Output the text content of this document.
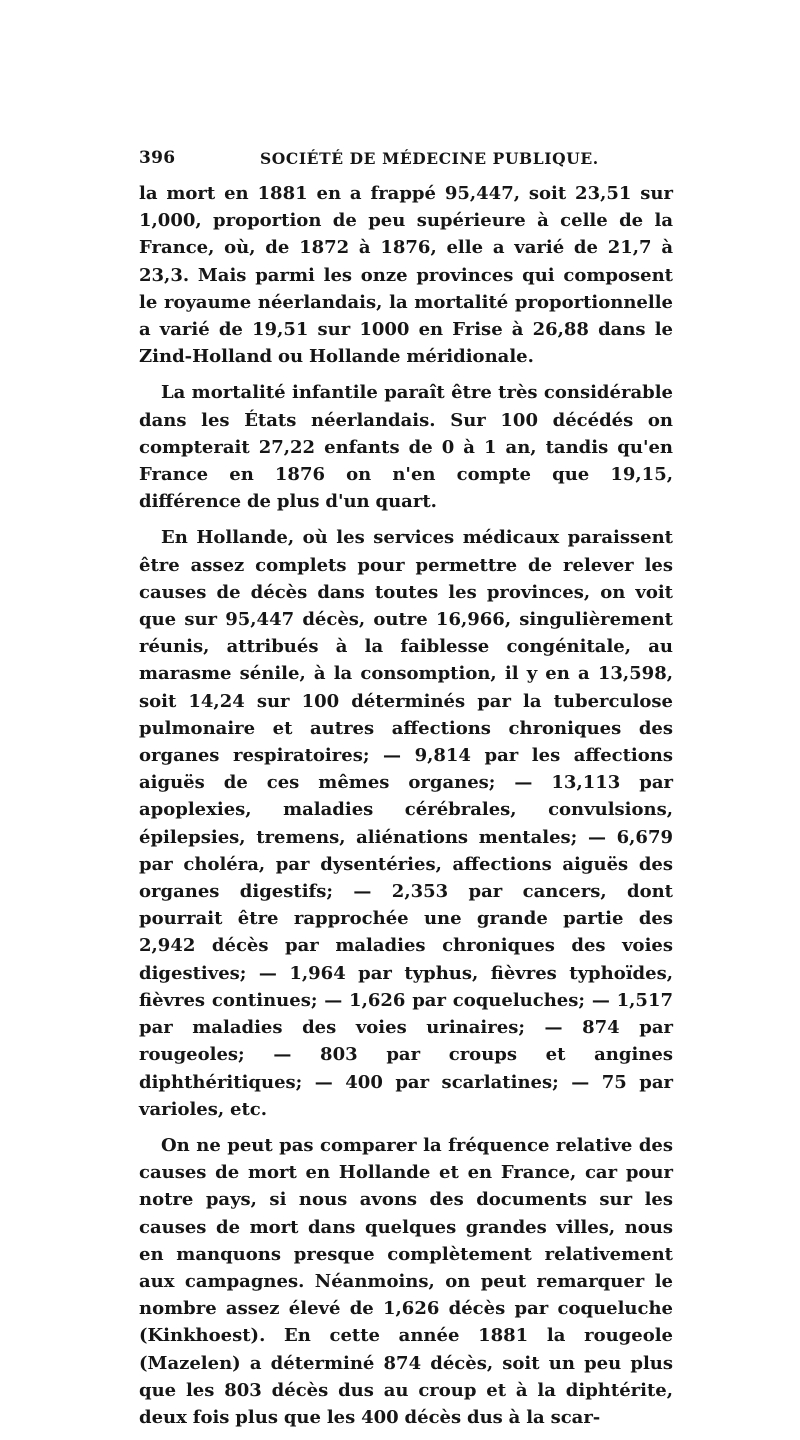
396	SOCIÉTÉ DE MÉDECINE PUBLIQUE.

la mort en 1881 en a frappé 95,447, soit 23,51 sur 1,000, proportion de peu supérieure à celle de la France, où, de 1872 à 1876, elle a varié de 21,7 à 23,3. Mais parmi les onze provinces qui composent le royaume néerlandais, la mortalité proportionnelle a varié de 19,51 sur 1000 en Frise à 26,88 dans le Zind-Holland ou Hollande méridionale.

La mortalité infantile paraît être très considérable dans les États néerlandais. Sur 100 décédés on compterait 27,22 enfants de 0 à 1 an, tandis qu'en France en 1876 on n'en compte que 19,15, différence de plus d'un quart.

En Hollande, où les services médicaux paraissent être assez complets pour permettre de relever les causes de décès dans toutes les provinces, on voit que sur 95,447 décès, outre 16,966, singulièrement réunis, attribués à la faiblesse congénitale, au marasme sénile, à la consomption, il y en a 13,598, soit 14,24 sur 100 déterminés par la tuberculose pulmonaire et autres affections chroniques des organes respiratoires; — 9,814 par les affections aiguës de ces mêmes organes; — 13,113 par apoplexies, maladies cérébrales, convulsions, épilepsies, tremens, aliénations mentales; — 6,679 par choléra, par dysentéries, affections aiguës des organes digestifs; — 2,353 par cancers, dont pourrait être rapprochée une grande partie des 2,942 décès par maladies chroniques des voies digestives; — 1,964 par typhus, fièvres typhoïdes, fièvres continues; — 1,626 par coqueluches; — 1,517 par maladies des voies urinaires; — 874 par rougeoles; — 803 par croups et angines diphthéritiques; — 400 par scarlatines; — 75 par varioles, etc.

On ne peut pas comparer la fréquence relative des causes de mort en Hollande et en France, car pour notre pays, si nous avons des documents sur les causes de mort dans quelques grandes villes, nous en manquons presque complètement relativement aux campagnes. Néanmoins, on peut remarquer le nombre assez élevé de 1,626 décès par coqueluche (Kinkhoest). En cette année 1881 la rougeole (Mazelen) a déterminé 874 décès, soit un peu plus que les 803 décès dus au croup et à la diphtérite, deux fois plus que les 400 décès dus à la scar-
